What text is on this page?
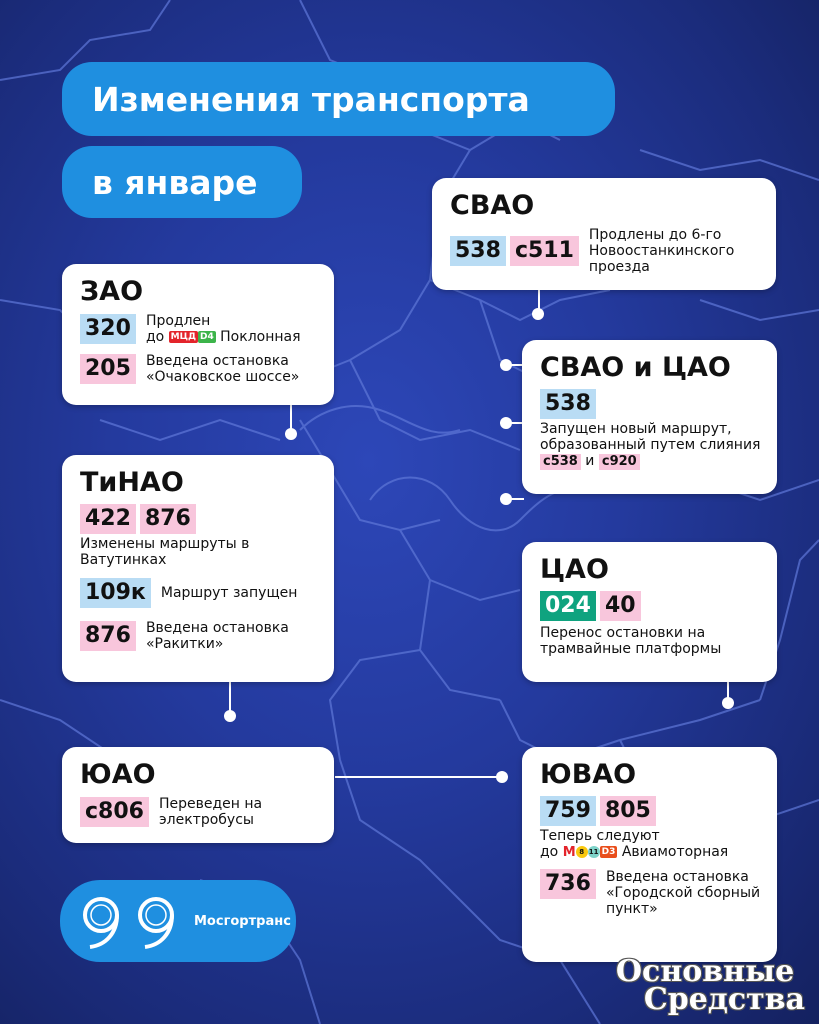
Изменения транспорта
в январе
СВАО
538 с511
Продлены до 6-го Новоостанкинского проезда
ЗАО
320	Продлен
до МЦД D4 Поклонная
205	Введена остановка «Очаковское шоссе»	СВАО и ЦАО
538
Запущен новый маршрут, образованный путем слияния с538 и с920
ТиНАО
422 876
Изменены маршруты в Ватутинках
109к	Маршрут запущен
876	Введена остановка «Ракитки»
ЦАО
024 40
Перенос остановки на трамвайные платформы
ЮАО
с806	Переведен на электробусы
ЮВАО
759 805
Теперь следуют
до М 8 11 D3 Авиамоторная
736	Введена остановка «Городской сборный пункт»
Мосгортранс
Основные
Средства
